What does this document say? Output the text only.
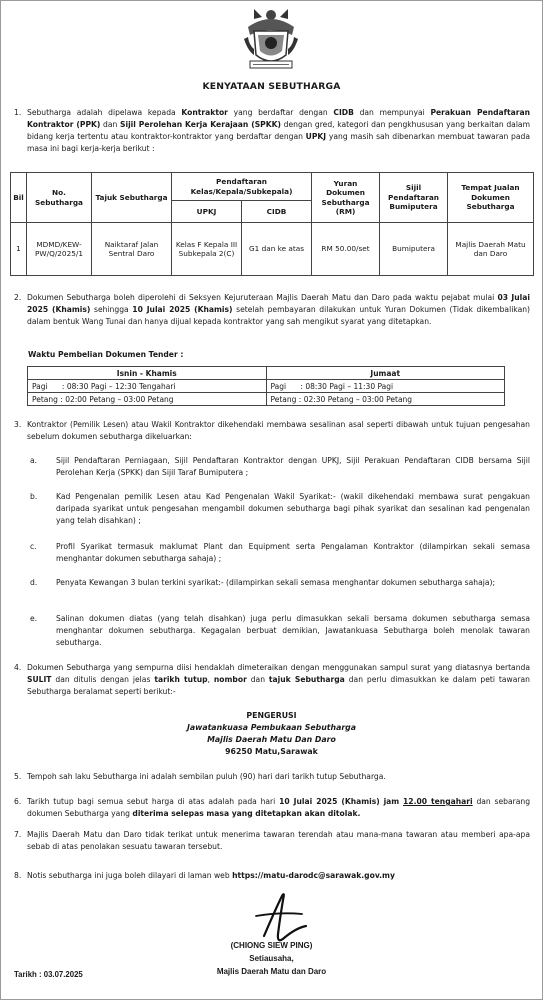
KENYATAAN SEBUTHARGA
1. Sebutharga adalah dipelawa kepada Kontraktor yang berdaftar dengan CIDB dan mempunyai Perakuan Pendaftaran Kontraktor (PPK) dan Sijil Perolehan Kerja Kerajaan (SPKK) dengan gred, kategori dan pengkhususan yang berkaitan dalam bidang kerja tertentu atau kontraktor-kontraktor yang berdaftar dengan UPKJ yang masih sah dibenarkan membuat tawaran pada masa ini bagi kerja-kerja berikut :
Bil	No. Sebutharga	Tajuk Sebutharga	Pendaftaran Kelas/Kepala/Subkepala)		Yuran Dokumen Sebutharga (RM)	Sijil Pendaftaran Bumiputera	Tempat Jualan Dokumen Sebutharga
			UPKJ	CIDB			
1	MDMD/KEW-PW/Q/2025/1	Naiktaraf Jalan Sentral Daro	Kelas F Kepala III Subkepala 2(C)	G1 dan ke atas	RM 50.00/set	Bumiputera	Majlis Daerah Matu dan Daro
2. Dokumen Sebutharga boleh diperolehi di Seksyen Kejuruteraan Majlis Daerah Matu dan Daro pada waktu pejabat mulai 03 Julai 2025 (Khamis) sehingga 10 Julai 2025 (Khamis) setelah pembayaran dilakukan untuk Yuran Dokumen (Tidak dikembalikan) dalam bentuk Wang Tunai dan hanya dijual kepada kontraktor yang sah mengikut syarat yang ditetapkan.
Waktu Pembelian Dokumen Tender :
Isnin - Khamis	Jumaat
Pagi      : 08:30 Pagi – 12:30 Tengahari	Pagi      : 08:30 Pagi – 11:30 Pagi
Petang : 02:00 Petang – 03:00 Petang	Petang : 02:30 Petang – 03:00 Petang
3. Kontraktor (Pemilik Lesen) atau Wakil Kontraktor dikehendaki membawa sesalinan asal seperti dibawah untuk tujuan pengesahan sebelum dokumen sebutharga dikeluarkan:
a. Sijil Pendaftaran Perniagaan, Sijil Pendaftaran Kontraktor dengan UPKJ, Sijil Perakuan Pendaftaran CIDB bersama Sijil Perolehan Kerja (SPKK) dan Sijil Taraf Bumiputera ;
b. Kad Pengenalan pemilik Lesen atau Kad Pengenalan Wakil Syarikat:- (wakil dikehendaki membawa surat pengakuan daripada syarikat untuk pengesahan mengambil dokumen sebutharga bagi pihak syarikat dan sesalinan kad pengenalan yang telah disahkan) ;
c.	Profil Syarikat termasuk maklumat Plant dan Equipment serta Pengalaman Kontraktor (dilampirkan sekali semasa menghantar dokumen sebutharga sahaja) ;
d. Penyata Kewangan 3 bulan terkini syarikat:- (dilampirkan sekali semasa menghantar dokumen sebutharga sahaja);
e. Salinan dokumen diatas (yang telah disahkan) juga perlu dimasukkan sekali bersama dokumen sebutharga semasa menghantar dokumen sebutharga. Kegagalan berbuat demikian, Jawatankuasa Sebutharga boleh menolak tawaran sebutharga.
4. Dokumen Sebutharga yang sempurna diisi hendaklah dimeteraikan dengan menggunakan sampul surat yang diatasnya bertanda SULIT dan ditulis dengan jelas tarikh tutup, nombor dan tajuk Sebutharga dan perlu dimasukkan ke dalam peti tawaran Sebutharga beralamat seperti berikut:-
PENGERUSI
Jawatankuasa Pembukaan Sebutharga
Majlis Daerah Matu Dan Daro
96250 Matu,Sarawak
5. Tempoh sah laku Sebutharga ini adalah sembilan puluh (90) hari dari tarikh tutup Sebutharga.
6. Tarikh tutup bagi semua sebut harga di atas adalah pada hari 10 Julai 2025 (Khamis) jam 12.00 tengahari dan sebarang dokumen Sebutharga yang diterima selepas masa yang ditetapkan akan ditolak.
7. Majlis Daerah Matu dan Daro tidak terikat untuk menerima tawaran terendah atau mana-mana tawaran atau memberi apa-apa sebab di atas penolakan sesuatu tawaran tersebut.
8. Notis sebutharga ini juga boleh dilayari di laman web https://matu-darodc@sarawak.gov.my
(CHIONG SIEW PING)
Setiausaha,
Majlis Daerah Matu dan Daro
Tarikh : 03.07.2025
